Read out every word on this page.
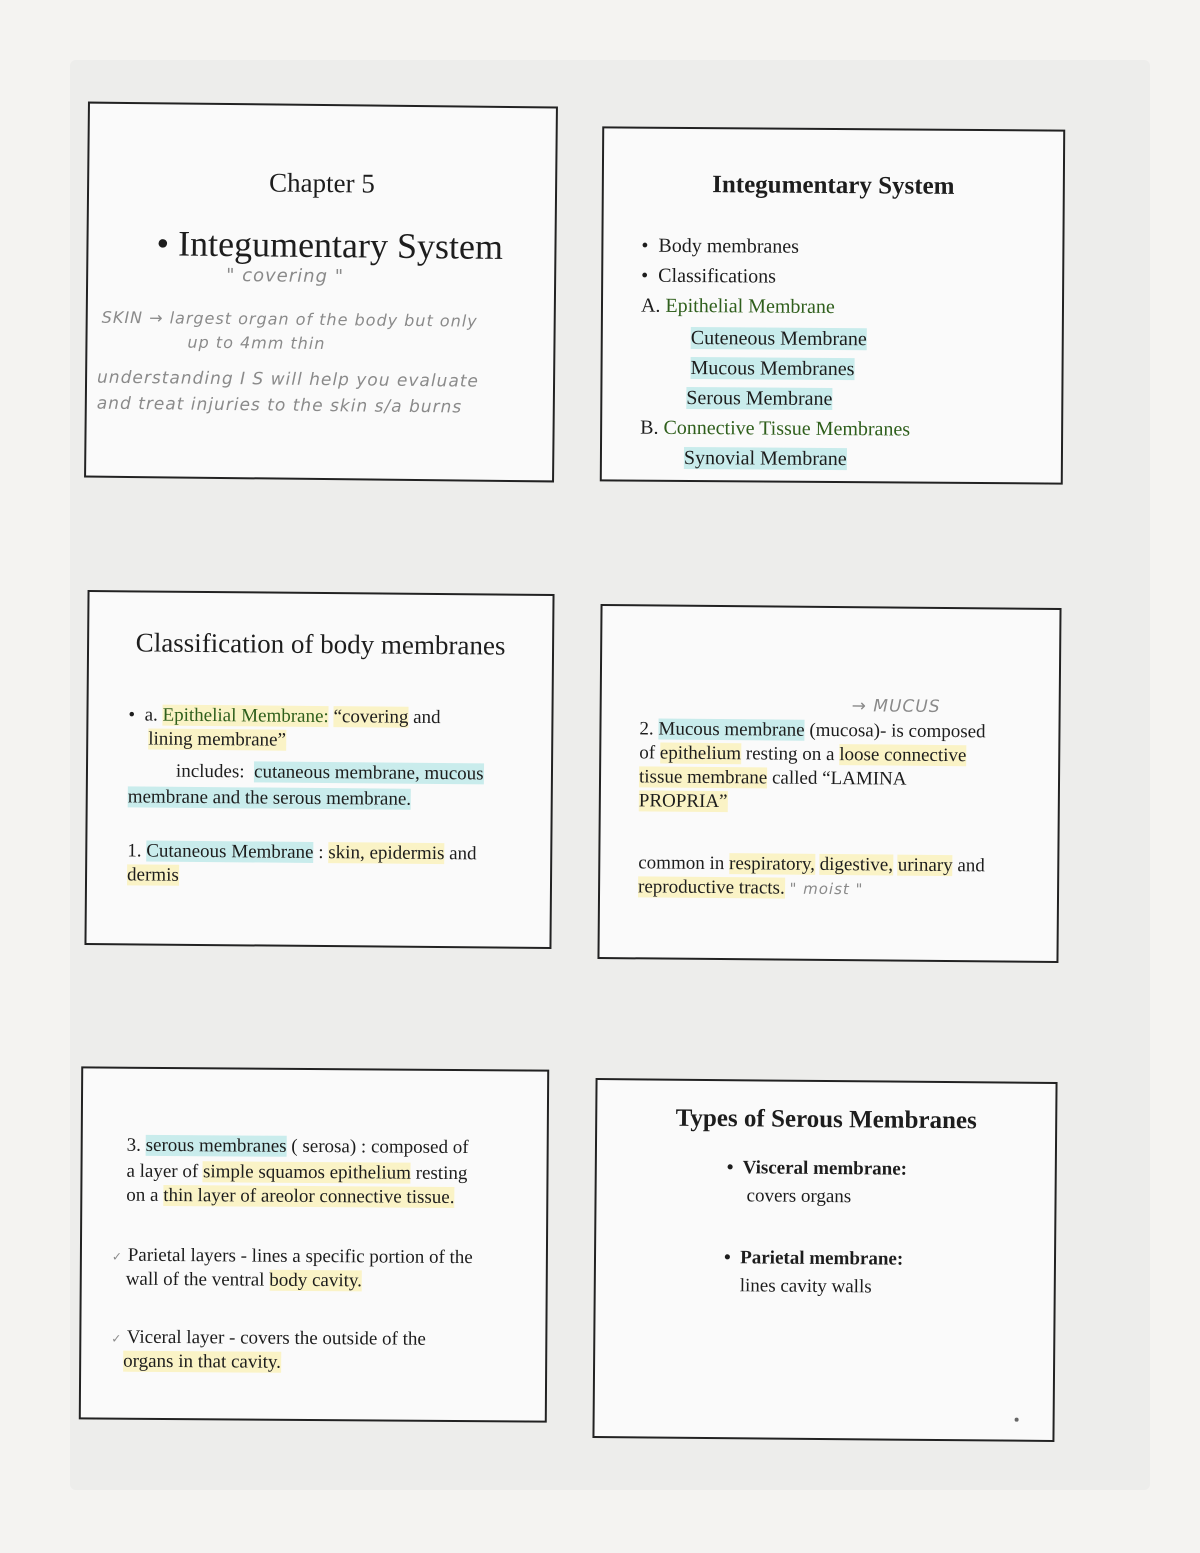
Chapter 5
• Integumentary System
" covering "
SKIN → largest organ of the body but only
up to 4mm thin
understanding I S will help you evaluate
and treat injuries to the skin s/a burns
Integumentary System
•  Body membranes
•  Classifications
A. Epithelial Membrane
Cuteneous Membrane
Mucous Membranes
Serous Membrane
B. Connective Tissue Membranes
Synovial Membrane
Classification of body membranes
•  a. Epithelial Membrane: “covering and
lining membrane”
includes: cutaneous membrane, mucous
membrane and the serous membrane.
1. Cutaneous Membrane : skin, epidermis and
dermis
→ MUCUS
2. Mucous membrane (mucosa)- is composed
of epithelium resting on a loose connective
tissue membrane called “LAMINA
PROPRIA”
common in respiratory, digestive, urinary and
reproductive tracts. " moist "
3. serous membranes ( serosa) : composed of
a layer of simple squamos epithelium resting
on a thin layer of areolor connective tissue.
✓ Parietal layers - lines a specific portion of the
wall of the ventral body cavity.
✓ Viceral layer - covers the outside of the
organs in that cavity.
Types of Serous Membranes
•  Visceral membrane:
covers organs
•  Parietal membrane:
lines cavity walls
